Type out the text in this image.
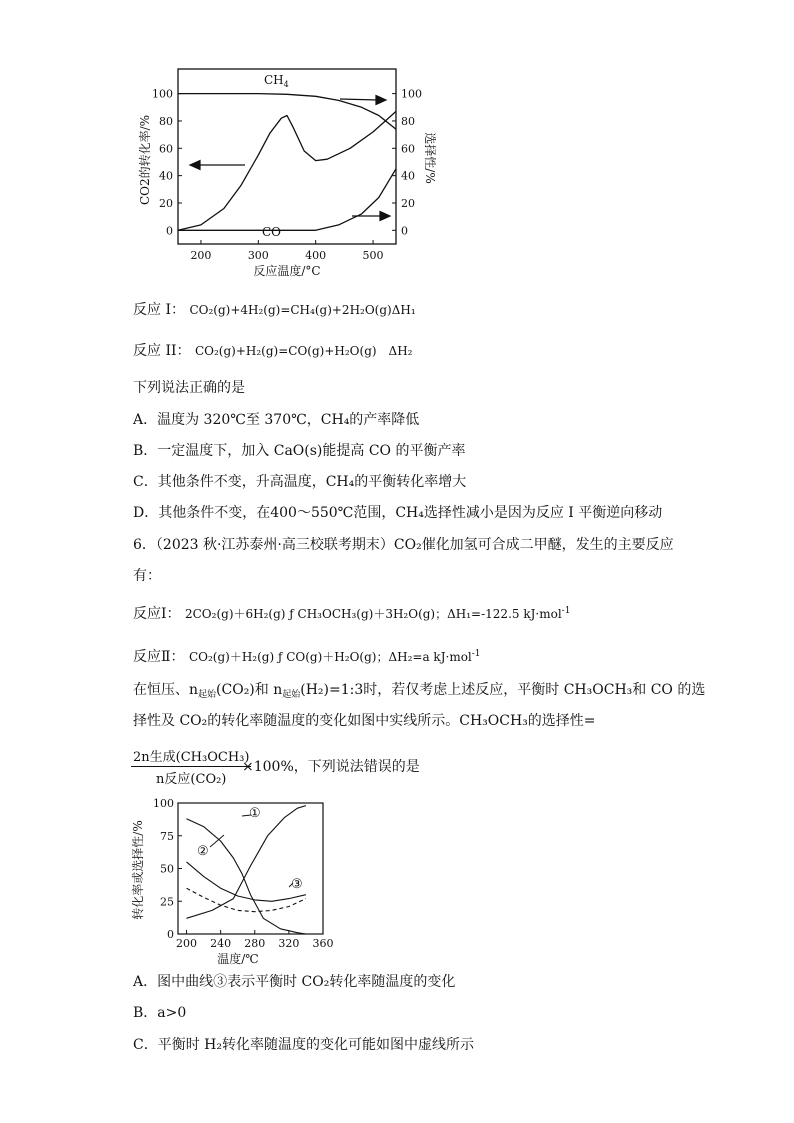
0
20
40
60
80
100
0
20
40
60
80
100
200	300	400	500
$CH_4$
CO
反应温度/°C
CO2的转化率/%	选择性/%
反应 I： CO₂(g)+4H₂(g)=CH₄(g)+2H₂O(g)ΔH₁
反应 II： CO₂(g)+H₂(g)=CO(g)+H₂O(g)　ΔH₂
下列说法正确的是
A．温度为 320℃至 370℃，CH₄的产率降低
B．一定温度下，加入 CaO(s)能提高 CO 的平衡产率
C．其他条件不变，升高温度，CH₄的平衡转化率增大
D．其他条件不变，在400～550℃范围，CH₄选择性减小是因为反应 I 平衡逆向移动
6．（2023 秋·江苏泰州·高三校联考期末）CO₂催化加氢可合成二甲醚，发生的主要反应
有：
反应Ⅰ： 2CO₂(g)＋6H₂(g) ƒ CH₃OCH₃(g)＋3H₂O(g)；ΔH₁=-122.5 kJ·mol$^{-1}$
反应Ⅱ： CO₂(g)＋H₂(g) ƒ CO(g)＋H₂O(g)；ΔH₂=a kJ·mol$^{-1}$
在恒压、$n_{起始}(CO_2)$和 $n_{起始}(H_2)=1:3$时，若仅考虑上述反应，平衡时 CH₃OCH₃和 CO 的选
择性及 CO₂的转化率随温度的变化如图中实线所示。CH₃OCH₃的选择性=
2n生成(CH₃OCH₃)
n反应(CO₂)
×100%，下列说法错误的是
0
25
50
75
100
200 240 280 320 360
①
②
③
温度/℃
转化率或选择性/%
A．图中曲线③表示平衡时 CO₂转化率随温度的变化
B．a>0
C．平衡时 H₂转化率随温度的变化可能如图中虚线所示
